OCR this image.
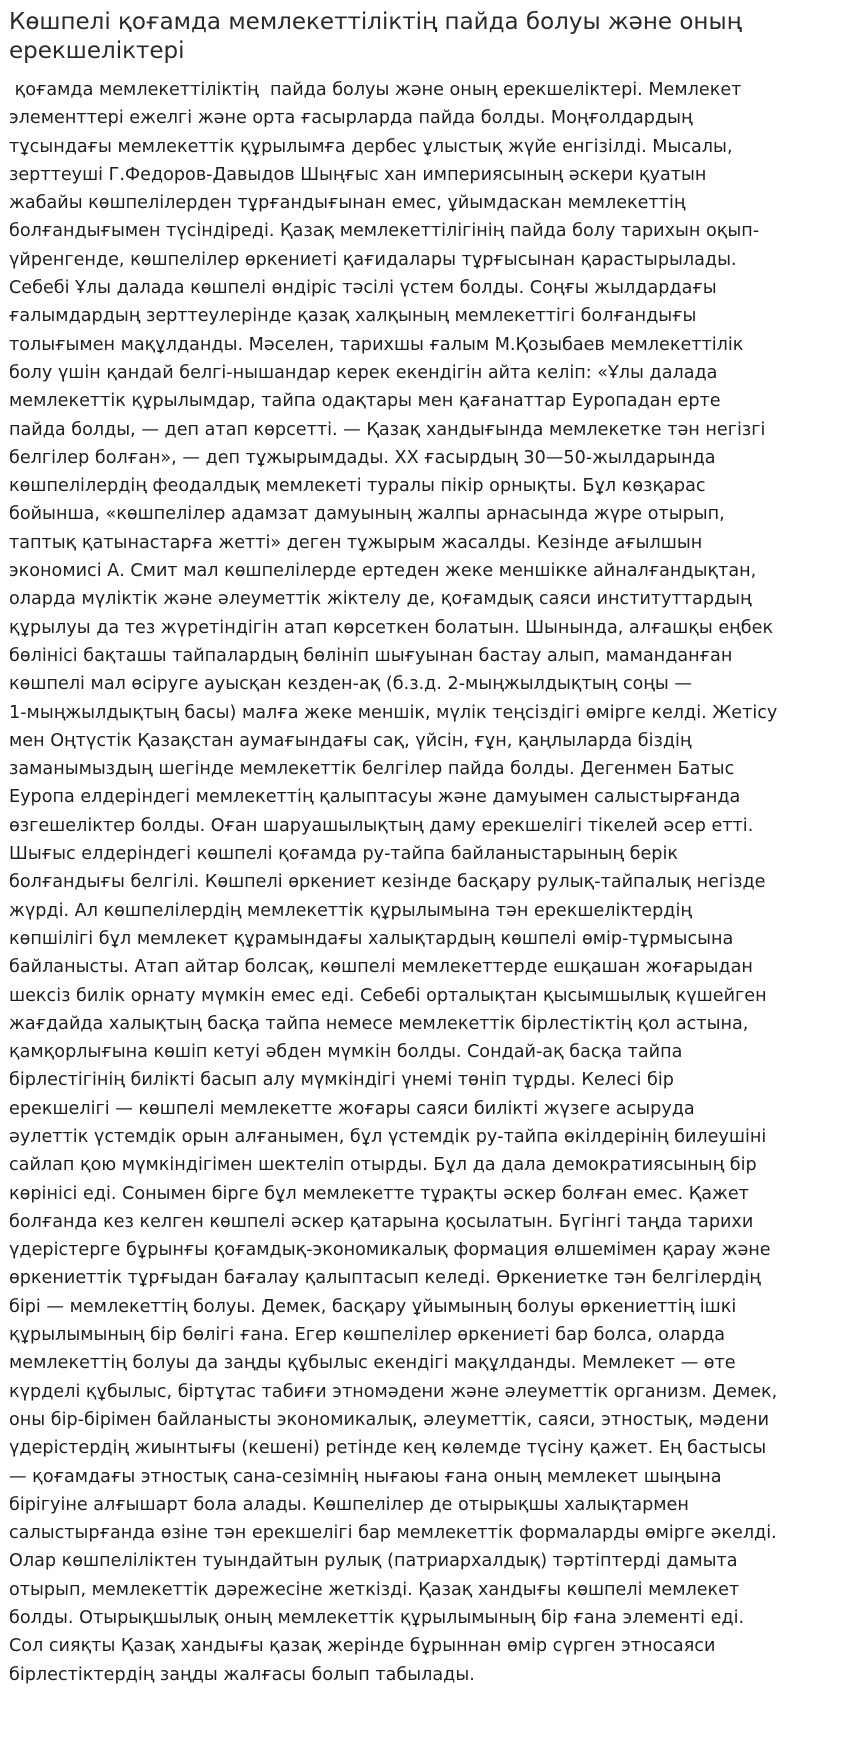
Көшпелі қоғамда мемлекеттіліктің пайда болуы және оның ерекшеліктері
қоғамда мемлекеттіліктің  пайда болуы және оның ерекшеліктері. Мемлекет
элементтері ежелгі және орта ғасырларда пайда болды. Моңғолдардың
тұсындағы мемлекеттік құрылымға дербес ұлыстық жүйе енгізілді. Мысалы,
зерттеуші Г.Федоров-Давыдов Шыңғыс хан империясының әскери қуатын
жабайы көшпелілерден тұрғандығынан емес, ұйымдаскан мемлекеттің
болғандығымен түсіндіреді. Қазақ мемлекеттілігінің пайда болу тарихын оқып-
үйренгенде, көшпелілер өркениеті қағидалары тұрғысынан қарастырылады.
Себебі Ұлы далада көшпелі өндіріс тәсілі үстем болды. Соңғы жылдардағы
ғалымдардың зерттеулерінде қазақ халқының мемлекеттігі болғандығы
толығымен мақұлданды. Мәселен, тарихшы ғалым М.Қозыбаев мемлекеттілік
болу үшін қандай белгі-нышандар керек екендігін айта келіп: «Ұлы далада
мемлекеттік құрылымдар, тайпа одақтары мен қағанаттар Еуропадан ерте
пайда болды, — деп атап көрсетті. — Қазақ хандығында мемлекетке тән негізгі
белгілер болған», — деп тұжырымдады. XX ғасырдың 30—50-жылдарында
көшпелілердің феодалдық мемлекеті туралы пікір орнықты. Бұл көзқарас
бойынша, «көшпелілер адамзат дамуының жалпы арнасында жүре отырып,
таптық қатынастарға жетті» деген тұжырым жасалды. Кезінде ағылшын
экономисі А. Смит мал көшпелілерде ертеден жеке меншікке айналғандықтан,
оларда мүліктік және әлеуметтік жіктелу де, қоғамдық саяси институттардың
құрылуы да тез жүретіндігін атап көрсеткен болатын. Шынында, алғашқы еңбек
бөлінісі бақташы тайпалардың бөлініп шығуынан бастау алып, маманданған
көшпелі мал өсіруге ауысқан кезден-ақ (б.з.д. 2-мыңжылдықтың соңы —
1-мыңжылдықтың басы) малға жеке меншік, мүлік теңсіздігі өмірге келді. Жетісу
мен Оңтүстік Қазақстан аумағындағы сақ, үйсін, ғұн, қаңлыларда біздің
заманымыздың шегінде мемлекеттік белгілер пайда болды. Дегенмен Батыс
Еуропа елдеріндегі мемлекеттің қалыптасуы және дамуымен салыстырғанда
өзгешеліктер болды. Оған шаруашылықтың даму ерекшелігі тікелей әсер етті.
Шығыс елдеріндегі көшпелі қоғамда ру-тайпа байланыстарының берік
болғандығы белгілі. Көшпелі өркениет кезінде басқару рулық-тайпалық негізде
жүрді. Ал көшпелілердің мемлекеттік құрылымына тән ерекшеліктердің
көпшілігі бұл мемлекет құрамындағы халықтардың көшпелі өмір-тұрмысына
байланысты. Атап айтар болсақ, көшпелі мемлекеттерде ешқашан жоғарыдан
шексіз билік орнату мүмкін емес еді. Себебі орталықтан қысымшылық күшейген
жағдайда халықтың басқа тайпа немесе мемлекеттік бірлестіктің қол астына,
қамқорлығына көшіп кетуі әбден мүмкін болды. Сондай-ақ басқа тайпа
бірлестігінің билікті басып алу мүмкіндігі үнемі төніп тұрды. Келесі бір
ерекшелігі — көшпелі мемлекетте жоғары саяси билікті жүзеге асыруда
әулеттік үстемдік орын алғанымен, бұл үстемдік ру-тайпа өкілдерінің билеушіні
сайлап қою мүмкіндігімен шектеліп отырды. Бұл да дала демократиясының бір
көрінісі еді. Сонымен бірге бұл мемлекетте тұрақты әскер болған емес. Қажет
болғанда кез келген көшпелі әскер қатарына қосылатын. Бүгінгі таңда тарихи
үдерістерге бұрынғы қоғамдық-экономикалық формация өлшемімен қарау және
өркениеттік тұрғыдан бағалау қалыптасып келеді. Өркениетке тән белгілердің
бірі — мемлекеттің болуы. Демек, басқару ұйымының болуы өркениеттің ішкі
құрылымының бір бөлігі ғана. Егер көшпелілер өркениеті бар болса, оларда
мемлекеттің болуы да заңды құбылыс екендігі мақұлданды. Мемлекет — өте
күрделі құбылыс, біртұтас табиғи этномәдени және әлеуметтік организм. Демек,
оны бір-бірімен байланысты экономикалық, әлеуметтік, саяси, этностық, мәдени
үдерістердің жиынтығы (кешені) ретінде кең көлемде түсіну қажет. Ең бастысы
— қоғамдағы этностық сана-сезімнің нығаюы ғана оның мемлекет шыңына
бірігуіне алғышарт бола алады. Көшпелілер де отырықшы халықтармен
салыстырғанда өзіне тән ерекшелігі бар мемлекеттік формаларды өмірге әкелді.
Олар көшпеліліктен туындайтын рулық (патриархалдық) тәртіптерді дамыта
отырып, мемлекеттік дәрежесіне жеткізді. Қазақ хандығы көшпелі мемлекет
болды. Отырықшылық оның мемлекеттік құрылымының бір ғана элементі еді.
Сол сияқты Қазақ хандығы қазақ жерінде бұрыннан өмір сүрген этносаяси
бірлестіктердің заңды жалғасы болып табылады.
